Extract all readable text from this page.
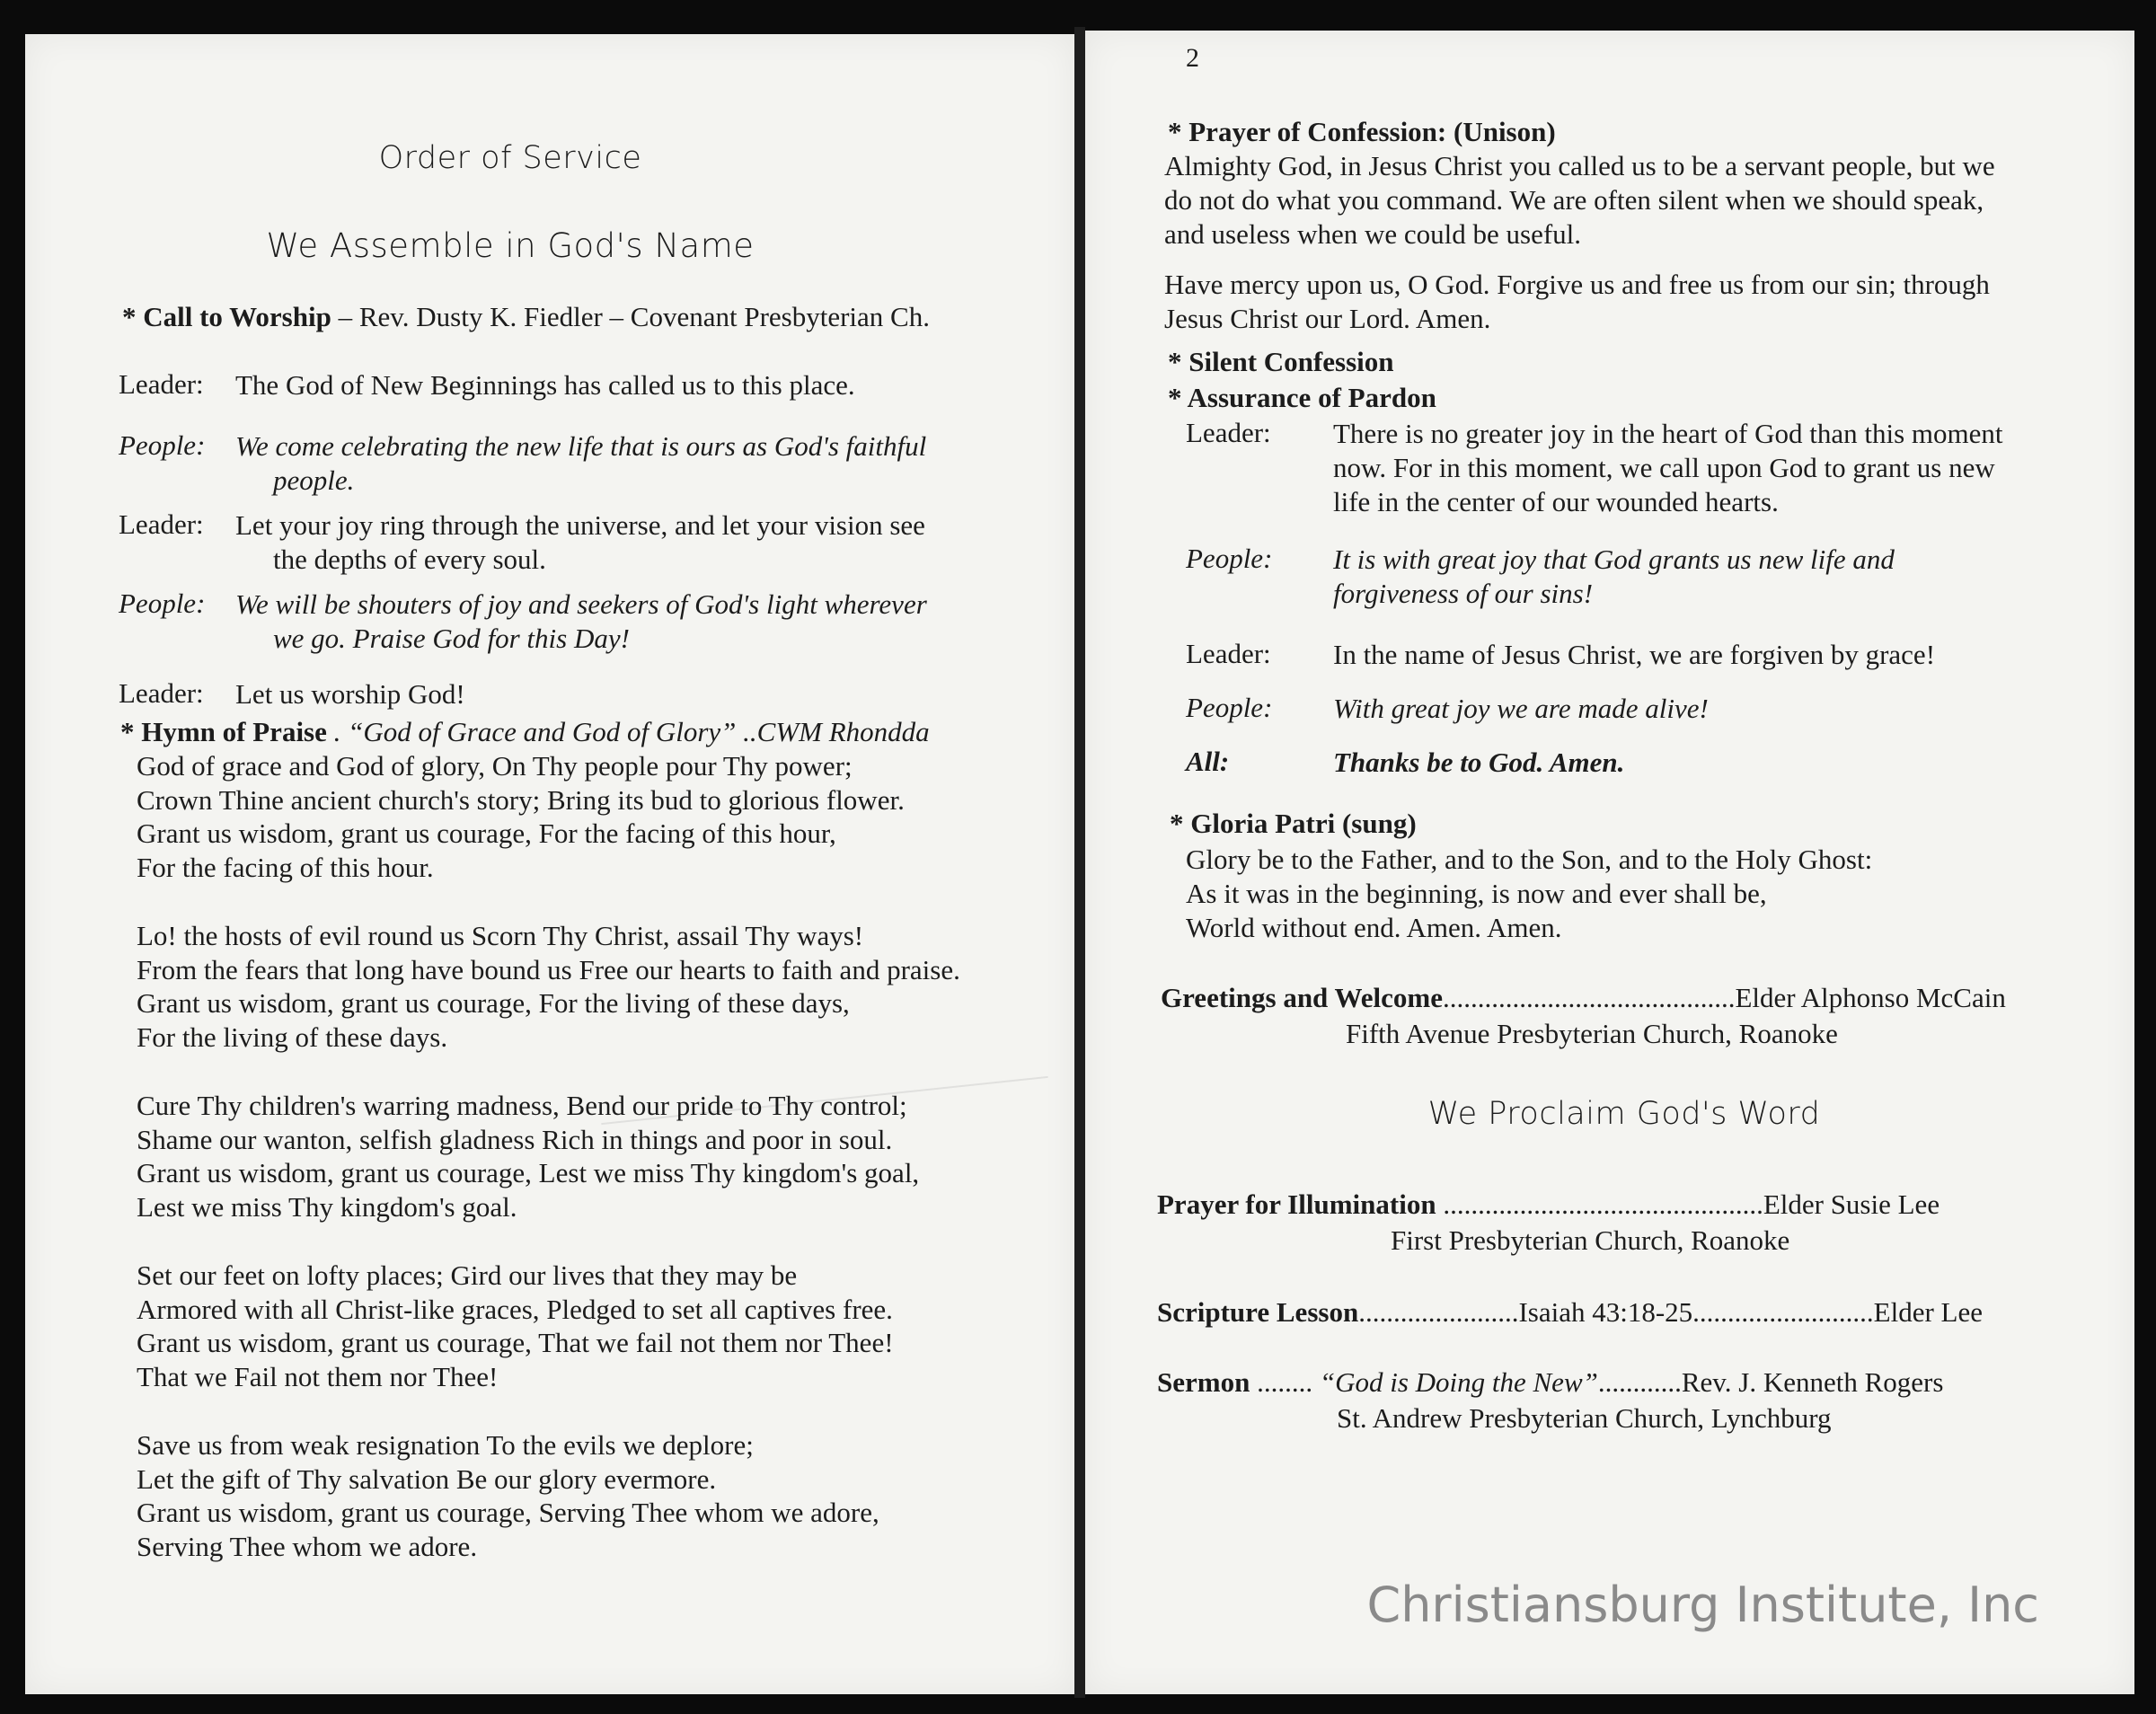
Order of Service
We Assemble in God's Name
* Call to Worship – Rev. Dusty K. Fiedler – Covenant Presbyterian Ch.
Leader: The God of New Beginnings has called us to this place.
People: We come celebrating the new life that is ours as God's faithful
people.
Leader: Let your joy ring through the universe, and let your vision see
the depths of every soul.
People: We will be shouters of joy and seekers of God's light wherever
we go. Praise God for this Day!
Leader: Let us worship God!
* Hymn of Praise . “God of Grace and God of Glory” ..CWM Rhondda
God of grace and God of glory, On Thy people pour Thy power;
Crown Thine ancient church's story; Bring its bud to glorious flower.
Grant us wisdom, grant us courage, For the facing of this hour,
For the facing of this hour.
Lo! the hosts of evil round us Scorn Thy Christ, assail Thy ways!
From the fears that long have bound us Free our hearts to faith and praise.
Grant us wisdom, grant us courage, For the living of these days,
For the living of these days.
Cure Thy children's warring madness, Bend our pride to Thy control;
Shame our wanton, selfish gladness Rich in things and poor in soul.
Grant us wisdom, grant us courage, Lest we miss Thy kingdom's goal,
Lest we miss Thy kingdom's goal.
Set our feet on lofty places; Gird our lives that they may be
Armored with all Christ-like graces, Pledged to set all captives free.
Grant us wisdom, grant us courage, That we fail not them nor Thee!
That we Fail not them nor Thee!
Save us from weak resignation To the evils we deplore;
Let the gift of Thy salvation Be our glory evermore.
Grant us wisdom, grant us courage, Serving Thee whom we adore,
Serving Thee whom we adore.
2
* Prayer of Confession: (Unison)
Almighty God, in Jesus Christ you called us to be a servant people, but we
do not do what you command. We are often silent when we should speak,
and useless when we could be useful.
Have mercy upon us, O God. Forgive us and free us from our sin; through
Jesus Christ our Lord. Amen.
* Silent Confession
* Assurance of Pardon
Leader: There is no greater joy in the heart of God than this moment
now. For in this moment, we call upon God to grant us new
life in the center of our wounded hearts.
People: It is with great joy that God grants us new life and
forgiveness of our sins!
Leader: In the name of Jesus Christ, we are forgiven by grace!
People: With great joy we are made alive!
All:	Thanks be to God. Amen.
* Gloria Patri (sung)
Glory be to the Father, and to the Son, and to the Holy Ghost:
As it was in the beginning, is now and ever shall be,
World without end. Amen. Amen.
Greetings and Welcome..........................................Elder Alphonso McCain
Fifth Avenue Presbyterian Church, Roanoke
We Proclaim God's Word
Prayer for Illumination ..............................................Elder Susie Lee
First Presbyterian Church, Roanoke
Scripture Lesson.......................Isaiah 43:18-25..........................Elder Lee
Sermon ........ “God is Doing the New”............Rev. J. Kenneth Rogers
St. Andrew Presbyterian Church, Lynchburg
Christiansburg Institute, Inc
